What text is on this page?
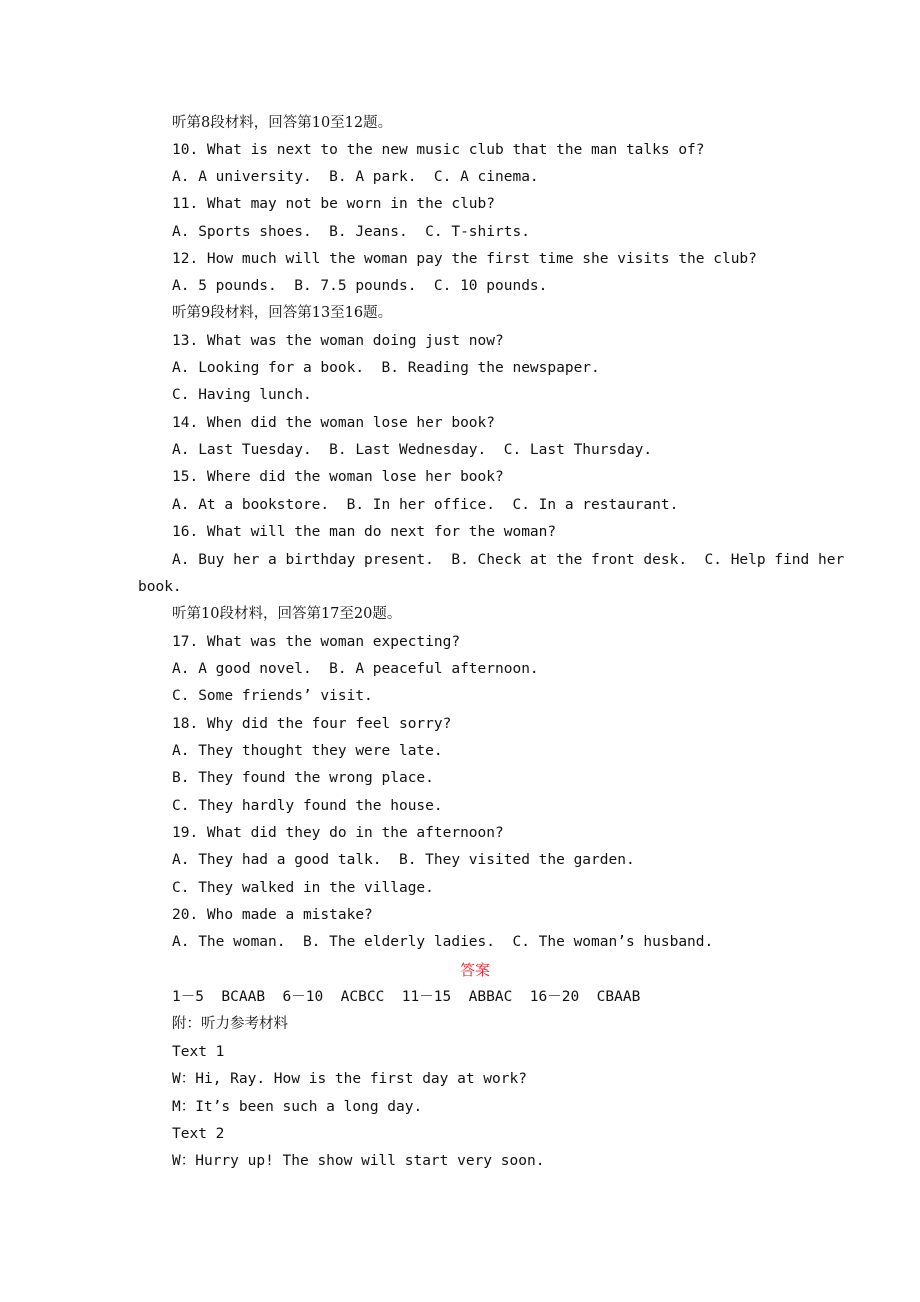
听第8段材料，回答第10至12题。
10. What is next to the new music club that the man talks of?
A. A university.  B. A park.  C. A cinema.
11. What may not be worn in the club?
A. Sports shoes.  B. Jeans.  C. T-shirts.
12. How much will the woman pay the first time she visits the club?
A. 5 pounds.  B. 7.5 pounds.  C. 10 pounds.
听第9段材料，回答第13至16题。
13. What was the woman doing just now?
A. Looking for a book.  B. Reading the newspaper.
C. Having lunch.
14. When did the woman lose her book?
A. Last Tuesday.  B. Last Wednesday.  C. Last Thursday.
15. Where did the woman lose her book?
A. At a bookstore.  B. In her office.  C. In a restaurant.
16. What will the man do next for the woman?
A. Buy her a birthday present.  B. Check at the front desk.  C. Help find her
book.
听第10段材料，回答第17至20题。
17. What was the woman expecting?
A. A good novel.  B. A peaceful afternoon.
C. Some friends’ visit.
18. Why did the four feel sorry?
A. They thought they were late.
B. They found the wrong place.
C. They hardly found the house.
19. What did they do in the afternoon?
A. They had a good talk.  B. They visited the garden.
C. They walked in the village.
20. Who made a mistake?
A. The woman.  B. The elderly ladies.  C. The woman’s husband.
答案
1－5  BCAAB  6－10  ACBCC  11－15  ABBAC  16－20  CBAAB
附：听力参考材料
Text 1
W：Hi, Ray. How is the first day at work?
M：It’s been such a long day.
Text 2
W：Hurry up! The show will start very soon.
